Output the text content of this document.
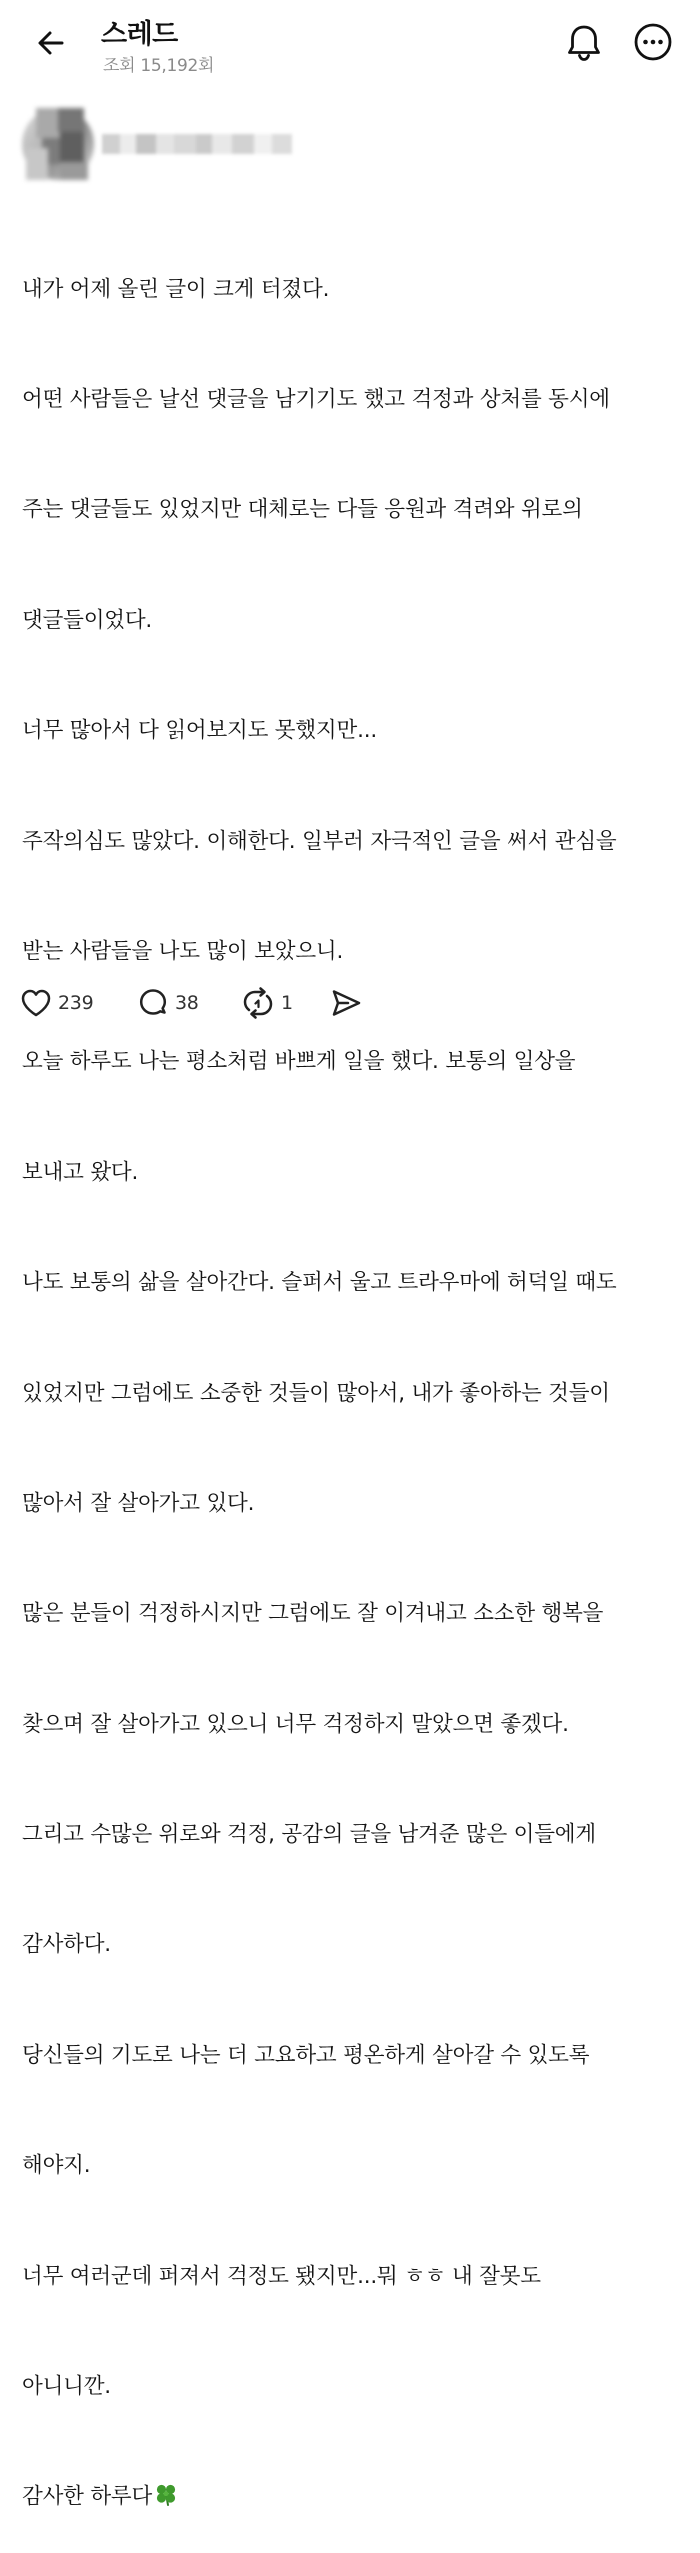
스레드
조회 15,192회

내가 어제 올린 글이 크게 터졌다.

어떤 사람들은 날선 댓글을 남기기도 했고 걱정과 상처를 동시에

주는 댓글들도 있었지만 대체로는 다들 응원과 격려와 위로의

댓글들이었다.

너무 많아서 다 읽어보지도 못했지만...

주작의심도 많았다. 이해한다. 일부러 자극적인 글을 써서 관심을

받는 사람들을 나도 많이 보았으니.

오늘 하루도 나는 평소처럼 바쁘게 일을 했다. 보통의 일상을

보내고 왔다.

나도 보통의 삶을 살아간다. 슬퍼서 울고 트라우마에 허덕일 때도

있었지만 그럼에도 소중한 것들이 많아서, 내가 좋아하는 것들이

많아서 잘 살아가고 있다.

많은 분들이 걱정하시지만 그럼에도 잘 이겨내고 소소한 행복을

찾으며 잘 살아가고 있으니 너무 걱정하지 말았으면 좋겠다.

그리고 수많은 위로와 걱정, 공감의 글을 남겨준 많은 이들에게

감사하다.

당신들의 기도로 나는 더 고요하고 평온하게 살아갈 수 있도록

해야지.

너무 여러군데 퍼져서 걱정도 됐지만...뭐 ㅎㅎ 내 잘못도

아니니깐.

감사한 하루다

239	38	1
